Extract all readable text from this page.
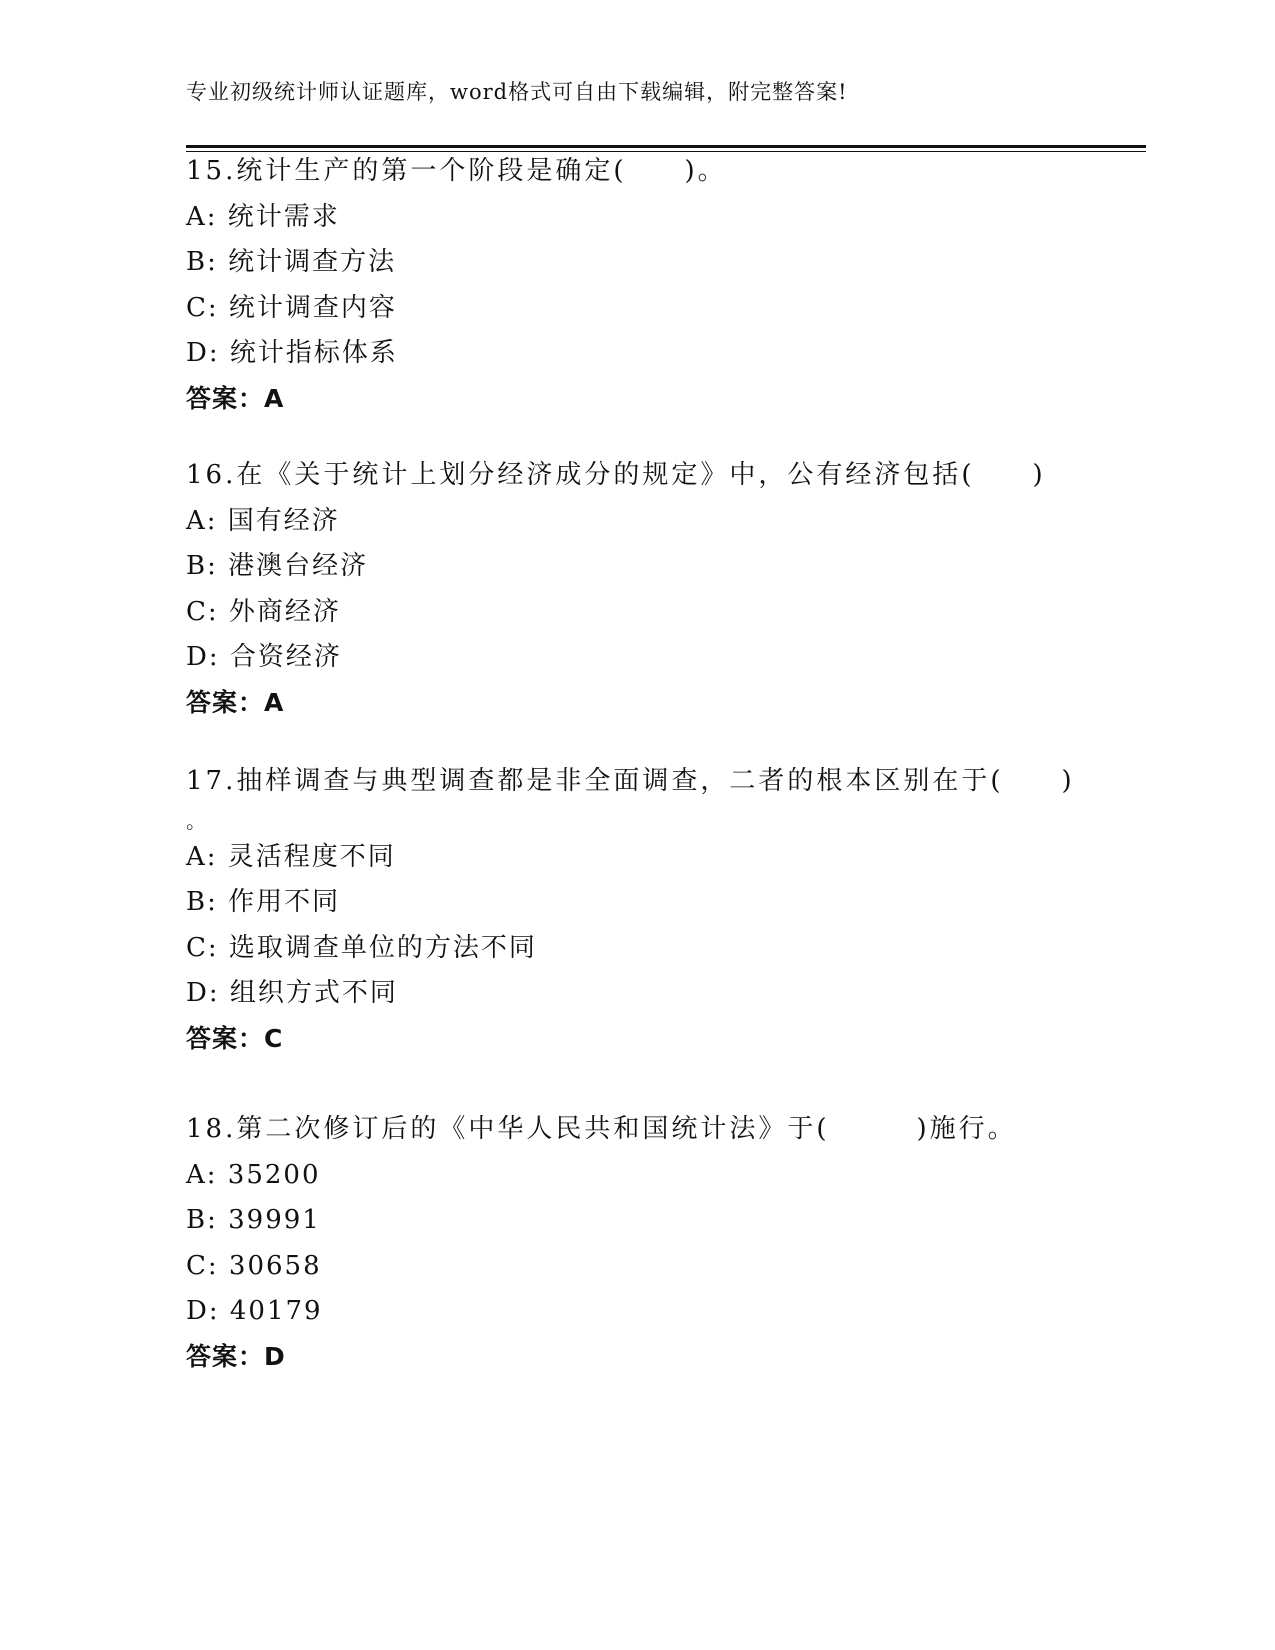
专业初级统计师认证题库，word格式可自由下载编辑，附完整答案!
15.统计生产的第一个阶段是确定(　　)。
A: 统计需求
B: 统计调查方法
C: 统计调查内容
D: 统计指标体系
答案：A
16.在《关于统计上划分经济成分的规定》中，公有经济包括(　　)
A: 国有经济
B: 港澳台经济
C: 外商经济
D: 合资经济
答案：A
17.抽样调查与典型调查都是非全面调查，二者的根本区别在于(　　)
。
A: 灵活程度不同
B: 作用不同
C: 选取调查单位的方法不同
D: 组织方式不同
答案：C
18.第二次修订后的《中华人民共和国统计法》于(　　　)施行。
A: 35200
B: 39991
C: 30658
D: 40179
答案：D
